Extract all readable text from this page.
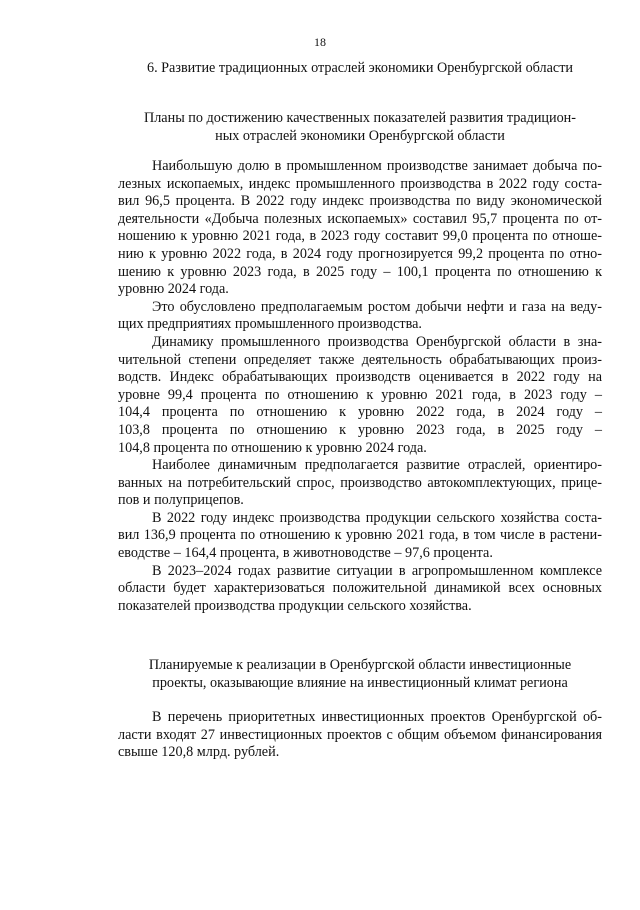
18
6. Развитие традиционных отраслей экономики Оренбургской области
Планы по достижению качественных показателей развития традицион-
ных отраслей экономики Оренбургской области

Наибольшую долю в промышленном производстве занимает добыча по-
лезных ископаемых, индекс промышленного производства в 2022 году соста-
вил 96,5 процента. В 2022 году индекс производства по виду экономической
деятельности «Добыча полезных ископаемых» составил 95,7 процента по от-
ношению к уровню 2021 года, в 2023 году составит 99,0 процента по отноше-
нию к уровню 2022 года, в 2024 году прогнозируется 99,2 процента по отно-
шению к уровню 2023 года, в 2025 году – 100,1 процента по отношению к
уровню 2024 года.

Это обусловлено предполагаемым ростом добычи нефти и газа на веду-
щих предприятиях промышленного производства.

Динамику промышленного производства Оренбургской области в зна-
чительной степени определяет также деятельность обрабатывающих произ-
водств. Индекс обрабатывающих производств оценивается в 2022 году на
уровне 99,4 процента по отношению к уровню 2021 года, в 2023 году –
104,4 процента по отношению к уровню 2022 года, в 2024 году –
103,8 процента по отношению к уровню 2023 года, в 2025 году –
104,8 процента по отношению к уровню 2024 года.

Наиболее динамичным предполагается развитие отраслей, ориентиро-
ванных на потребительский спрос, производство автокомплектующих, прице-
пов и полуприцепов.

В 2022 году индекс производства продукции сельского хозяйства соста-
вил 136,9 процента по отношению к уровню 2021 года, в том числе в растени-
еводстве – 164,4 процента, в животноводстве – 97,6 процента.

В 2023–2024 годах развитие ситуации в агропромышленном комплексе
области будет характеризоваться положительной динамикой всех основных
показателей производства продукции сельского хозяйства.

Планируемые к реализации в Оренбургской области инвестиционные
проекты, оказывающие влияние на инвестиционный климат региона

В перечень приоритетных инвестиционных проектов Оренбургской об-
ласти входят 27 инвестиционных проектов с общим объемом финансирования
свыше 120,8 млрд. рублей.
